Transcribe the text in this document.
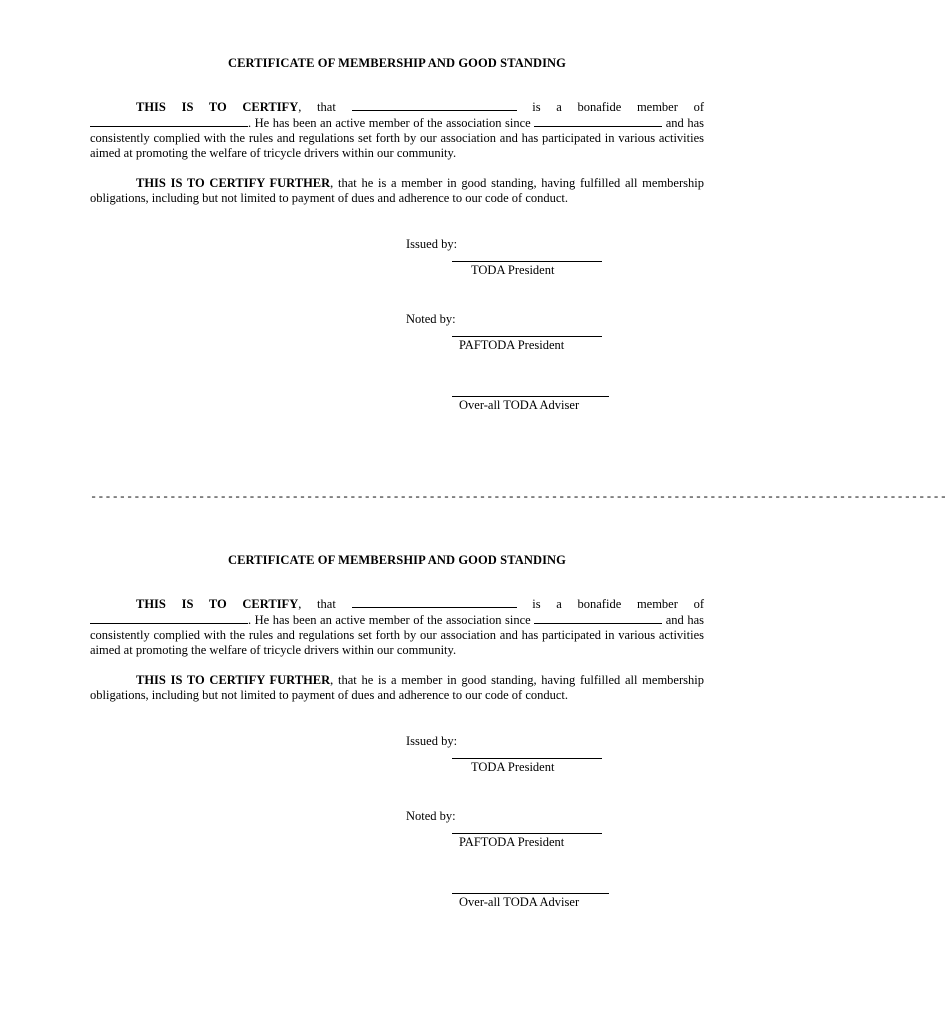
CERTIFICATE OF MEMBERSHIP AND GOOD STANDING

THIS IS TO CERTIFY, that	is a bonafide member of . He has been an active member of the association since	and has consistently complied with the rules and regulations set forth by our association and has participated in various activities aimed at promoting the welfare of tricycle drivers within our community.

THIS IS TO CERTIFY FURTHER, that he is a member in good standing, having fulfilled all membership obligations, including but not limited to payment of dues and adherence to our code of conduct.

Issued by:
TODA President
Noted by:
PAFTODA President
Over-all TODA Adviser
-----------------------------------------------------------------------------------------------------------------------

CERTIFICATE OF MEMBERSHIP AND GOOD STANDING

THIS IS TO CERTIFY, that	is a bonafide member of . He has been an active member of the association since	and has consistently complied with the rules and regulations set forth by our association and has participated in various activities aimed at promoting the welfare of tricycle drivers within our community.

THIS IS TO CERTIFY FURTHER, that he is a member in good standing, having fulfilled all membership obligations, including but not limited to payment of dues and adherence to our code of conduct.

Issued by:
TODA President
Noted by:
PAFTODA President
Over-all TODA Adviser
